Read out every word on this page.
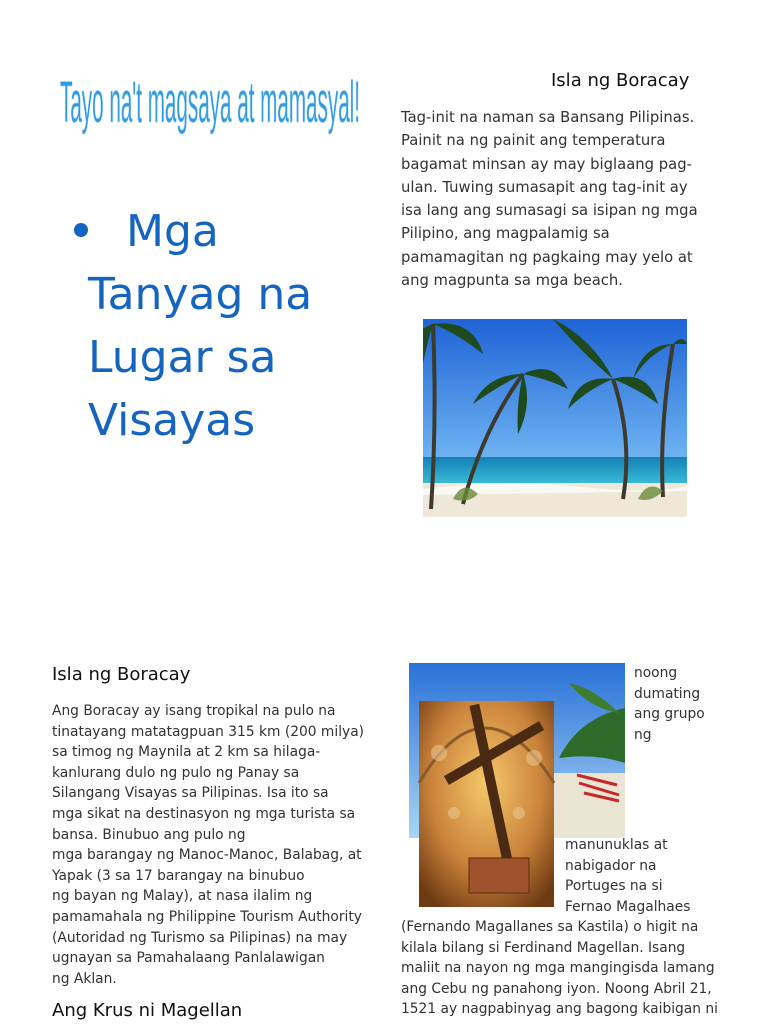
Tayo na't magsaya at mamasyal!
Mga
Tanyag na
Lugar sa
Visayas
Isla ng Boracay
Tag-init na naman sa Bansang Pilipinas.
Painit na ng painit ang temperatura
bagamat minsan ay may biglaang pag-
ulan. Tuwing sumasapit ang tag-init ay
isa lang ang sumasagi sa isipan ng mga
Pilipino, ang magpalamig sa
pamamagitan ng pagkaing may yelo at
ang magpunta sa mga beach.
Isla ng Boracay
Ang Boracay ay isang tropikal na pulo na
tinatayang matatagpuan 315 km (200 milya)
sa timog ng Maynila at 2 km sa hilaga-
kanlurang dulo ng pulo ng Panay sa
Silangang Visayas sa Pilipinas. Isa ito sa
mga sikat na destinasyon ng mga turista sa
bansa. Binubuo ang pulo ng
mga barangay ng Manoc-Manoc, Balabag, at
Yapak (3 sa 17 barangay na binubuo
ng bayan ng Malay), at nasa ilalim ng
pamamahala ng Philippine Tourism Authority
(Autoridad ng Turismo sa Pilipinas) na may
ugnayan sa Pamahalaang Panlalawigan
ng Aklan.
Ang Krus ni Magellan
noong
dumating
ang grupo
ng
manunuklas at
nabigador na
Portuges na si
Fernao Magalhaes
(Fernando Magallanes sa Kastila) o higit na
kilala bilang si Ferdinand Magellan. Isang
maliit na nayon ng mga mangingisda lamang
ang Cebu ng panahong iyon. Noong Abril 21,
1521 ay nagpabinyag ang bagong kaibigan ni
